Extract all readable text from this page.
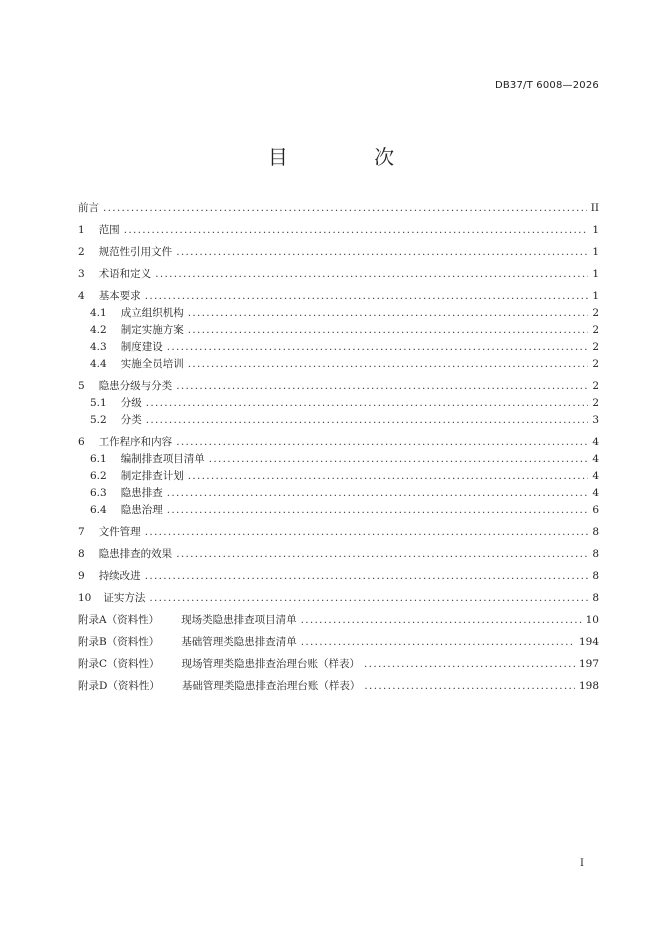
DB37/T 6008—2026
目 次
前言 .....	II
1 范围 .....	1
2 规范性引用文件 .....	1
3 术语和定义 .....	1
4 基本要求 .....	1
4.1 成立组织机构 .....	2
4.2 制定实施方案 .....	2
4.3 制度建设 .....	2
4.4 实施全员培训 .....	2
5 隐患分级与分类 .....	2
5.1 分级 .....	2
5.2 分类 .....	3
6 工作程序和内容 .....	4
6.1 编制排查项目清单 .....	4
6.2 制定排查计划 .....	4
6.3 隐患排查 .....	4
6.4 隐患治理 .....	6
7 文件管理 .....	8
8 隐患排查的效果 .....	8
9 持续改进 .....	8
10 证实方法 .....	8
附录A（资料性） 现场类隐患排查项目清单 .....	10
附录B（资料性） 基础管理类隐患排查清单 .....	194
附录C（资料性） 现场管理类隐患排查治理台账（样表） .....	197
附录D（资料性） 基础管理类隐患排查治理台账（样表） .....	198
I
